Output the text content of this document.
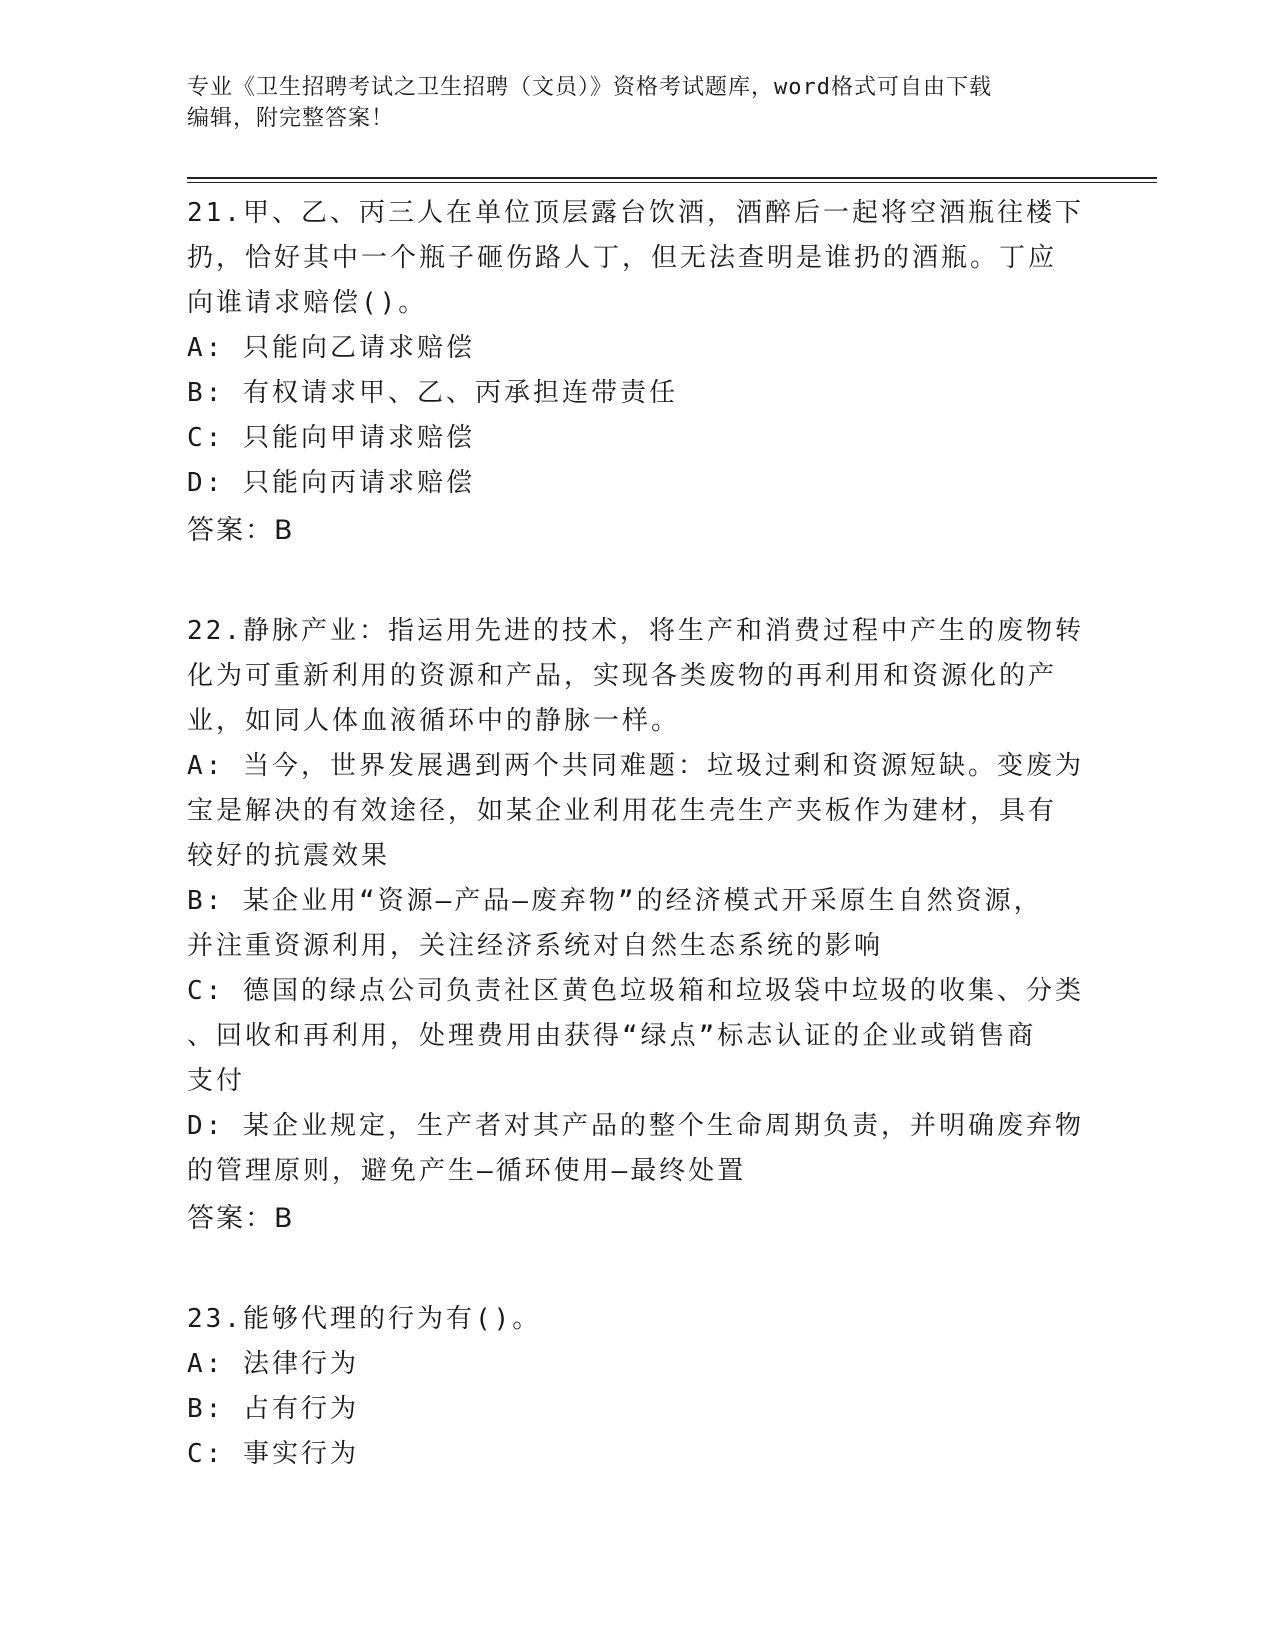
专业《卫生招聘考试之卫生招聘（文员）》资格考试题库，word格式可自由下载
编辑，附完整答案！

21.甲、乙、丙三人在单位顶层露台饮酒，酒醉后一起将空酒瓶往楼下

扔，恰好其中一个瓶子砸伤路人丁，但无法查明是谁扔的酒瓶。丁应

向谁请求赔偿()。

A: 只能向乙请求赔偿

B: 有权请求甲、乙、丙承担连带责任

C: 只能向甲请求赔偿

D: 只能向丙请求赔偿

答案：B

22.静脉产业：指运用先进的技术，将生产和消费过程中产生的废物转

化为可重新利用的资源和产品，实现各类废物的再利用和资源化的产

业，如同人体血液循环中的静脉一样。

A: 当今，世界发展遇到两个共同难题：垃圾过剩和资源短缺。变废为

宝是解决的有效途径，如某企业利用花生壳生产夹板作为建材，具有

较好的抗震效果

B: 某企业用“资源—产品—废弃物”的经济模式开采原生自然资源，

并注重资源利用，关注经济系统对自然生态系统的影响

C: 德国的绿点公司负责社区黄色垃圾箱和垃圾袋中垃圾的收集、分类

、回收和再利用，处理费用由获得“绿点”标志认证的企业或销售商

支付

D: 某企业规定，生产者对其产品的整个生命周期负责，并明确废弃物

的管理原则，避免产生—循环使用—最终处置

答案：B

23.能够代理的行为有()。

A: 法律行为

B: 占有行为

C: 事实行为
